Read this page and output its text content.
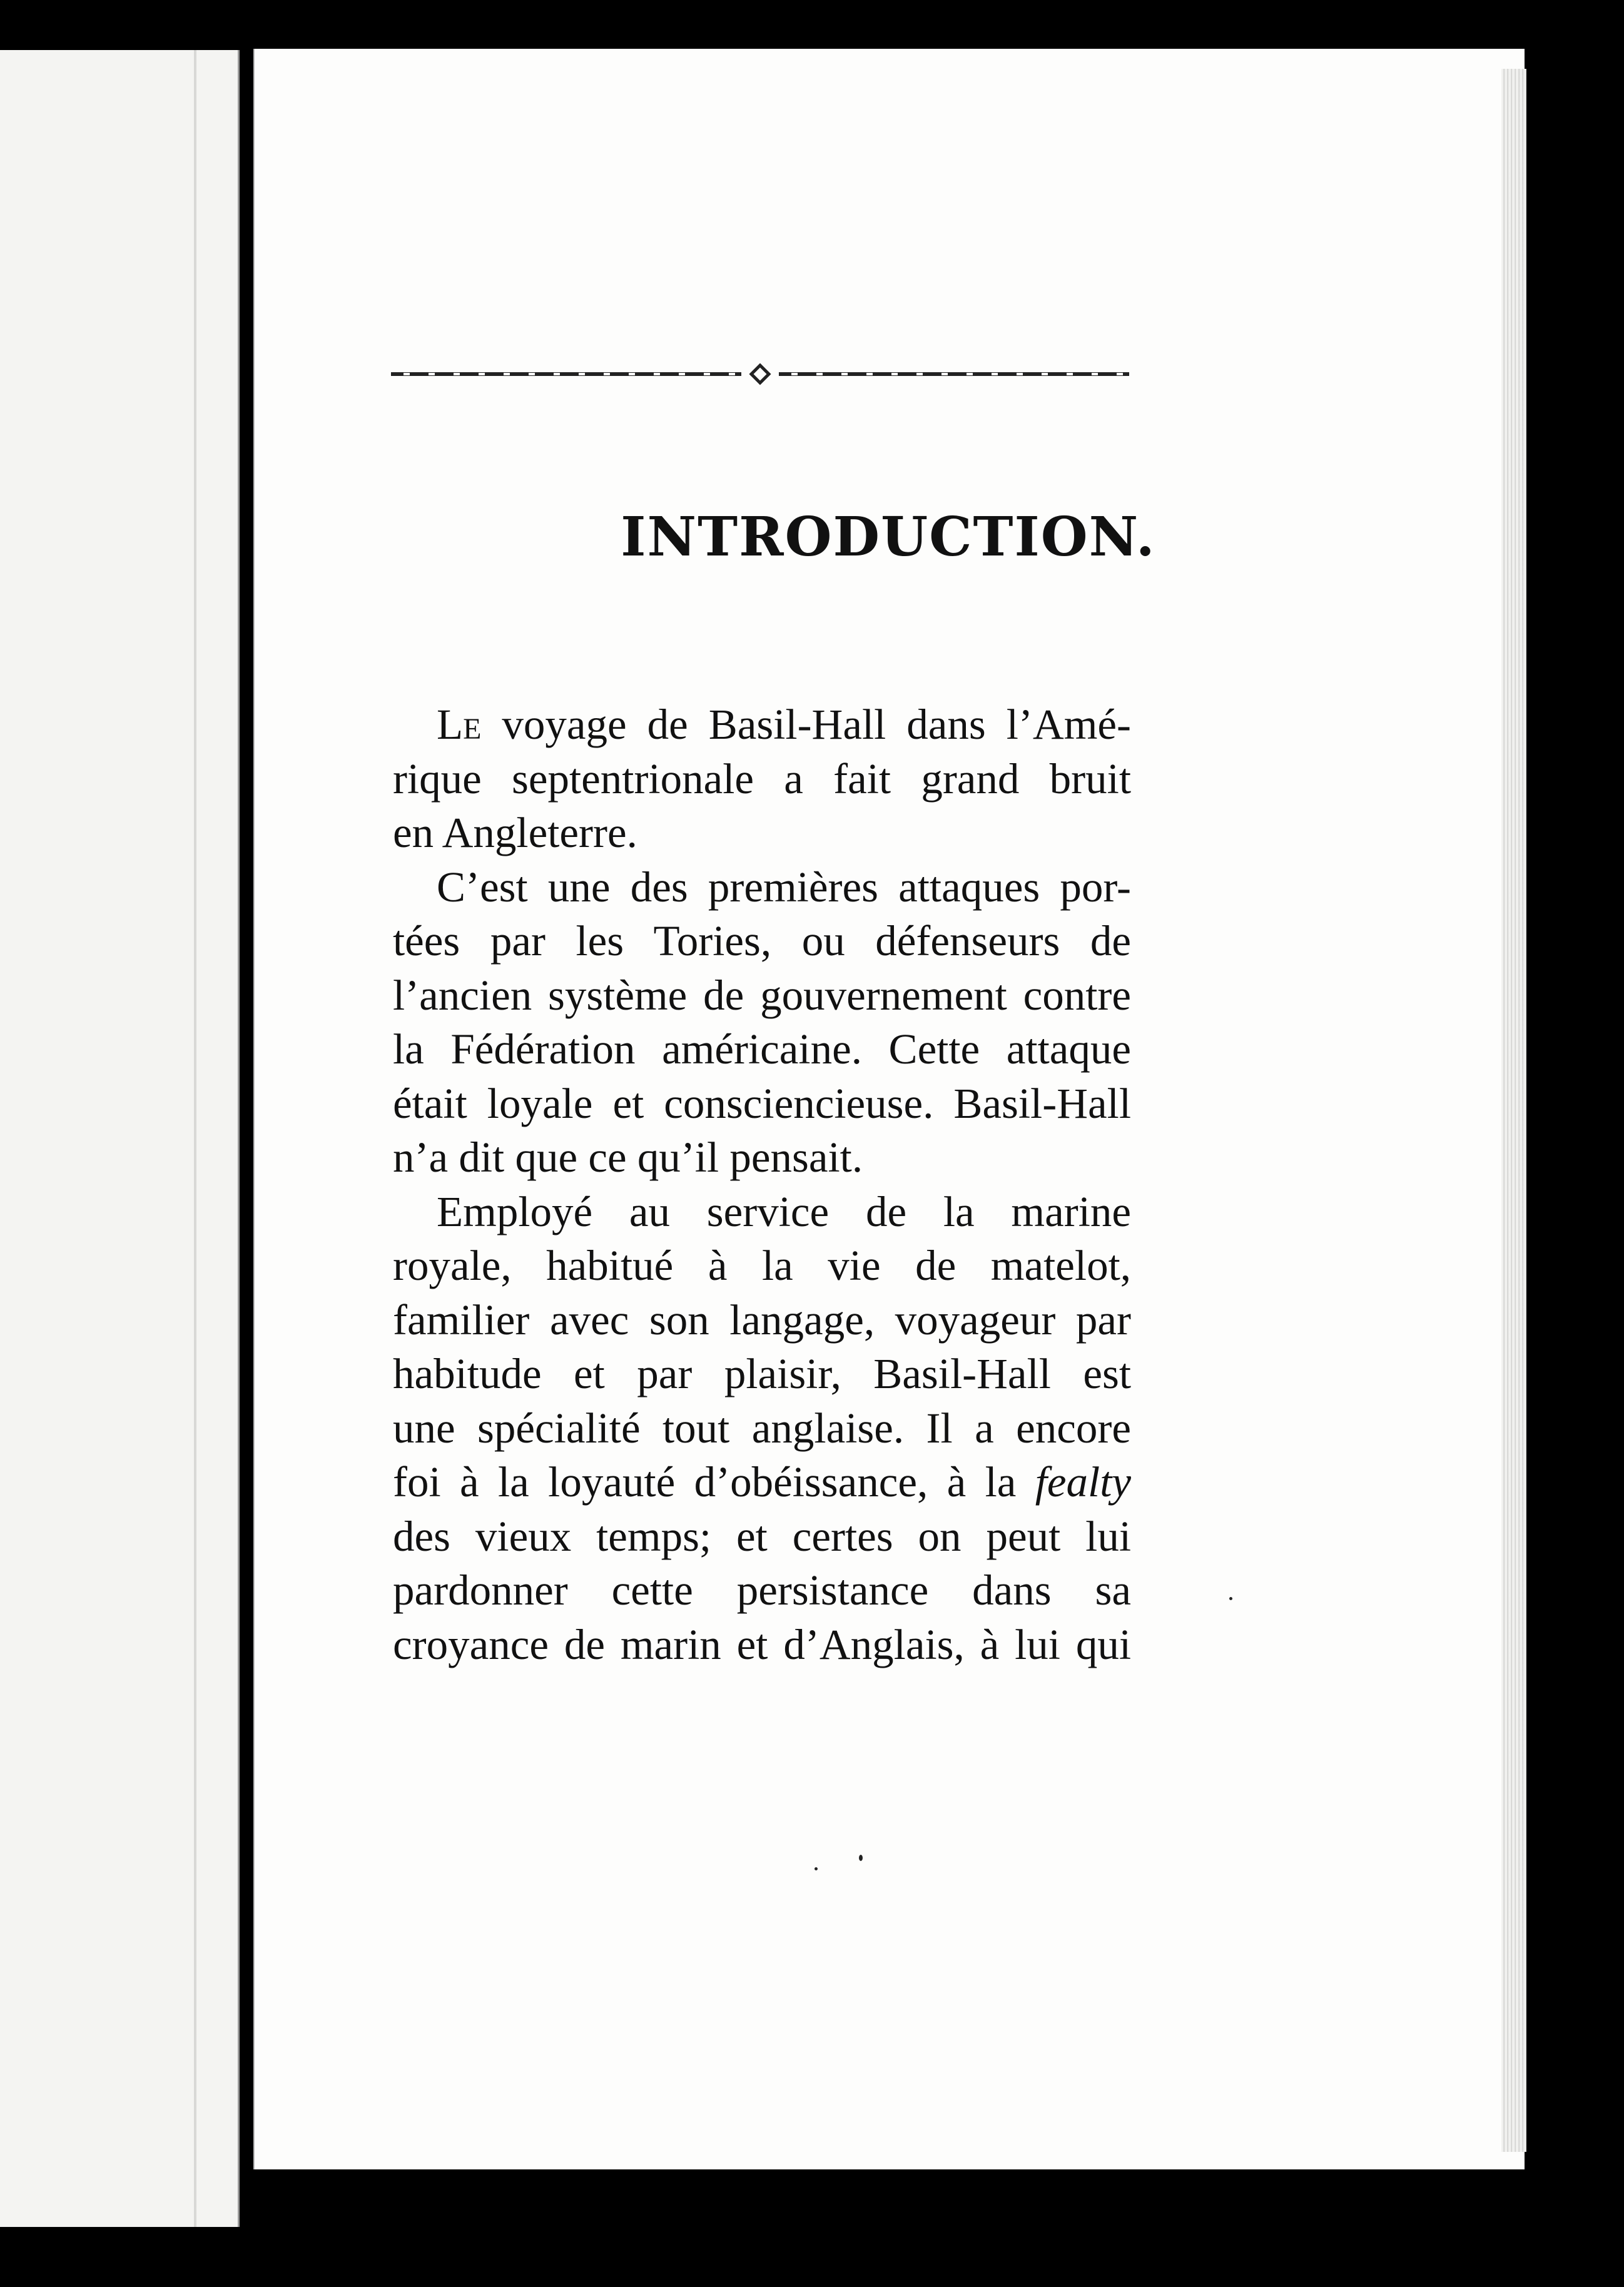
INTRODUCTION.
Le voyage de Basil-Hall dans l’Amé-
rique septentrionale a fait grand bruit
en Angleterre.
C’est une des premières attaques por-
tées par les Tories, ou défenseurs de
l’ancien système de gouvernement contre
la Fédération américaine. Cette attaque
était loyale et consciencieuse. Basil-Hall
n’a dit que ce qu’il pensait.
Employé au service de la marine
royale, habitué à la vie de matelot,
familier avec son langage, voyageur par
habitude et par plaisir, Basil-Hall est
une spécialité tout anglaise. Il a encore
foi à la loyauté d’obéissance, à la fealty
des vieux temps; et certes on peut lui
pardonner cette persistance dans sa
croyance de marin et d’Anglais, à lui qui
